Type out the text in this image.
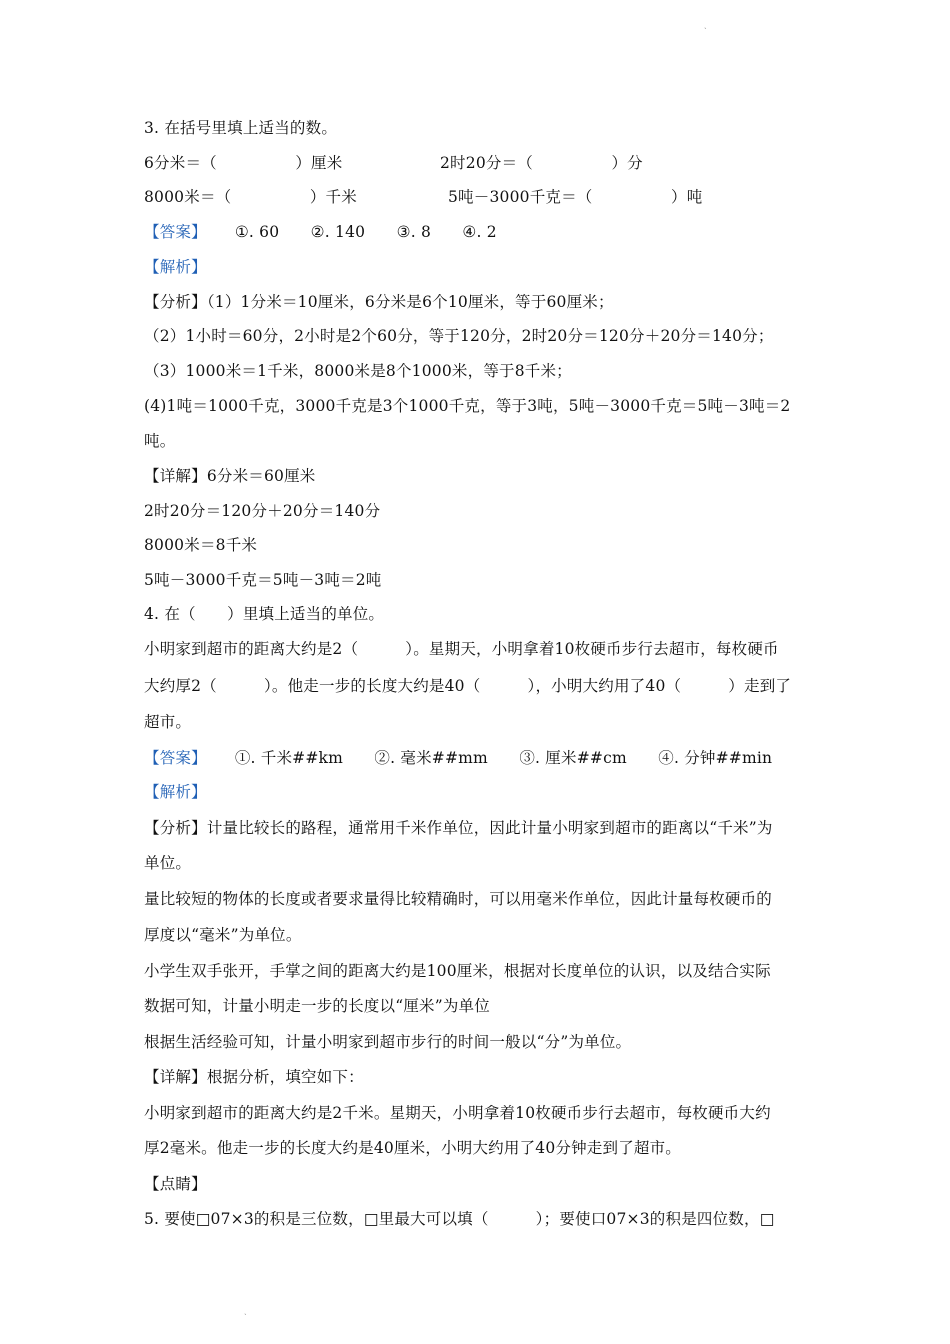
ˎ
3. 在括号里填上适当的数。
6分米＝（　　　　　）厘米	2时20分＝（　　　　　）分
8000米＝（　　　　　）千米	5吨－3000千克＝（　　　　　）吨
【答案】 ①. 60　　②. 140　　③. 8　　④. 2
【解析】
【分析】（1）1分米＝10厘米，6分米是6个10厘米，等于60厘米；
（2）1小时＝60分，2小时是2个60分，等于120分，2时20分＝120分＋20分＝140分；
（3）1000米＝1千米，8000米是8个1000米，等于8千米；
(4)1吨＝1000千克，3000千克是3个1000千克，等于3吨，5吨－3000千克＝5吨－3吨＝2
吨。
【详解】6分米＝60厘米
2时20分＝120分＋20分＝140分
8000米＝8千米
5吨－3000千克＝5吨－3吨＝2吨
4. 在（　　）里填上适当的单位。
小明家到超市的距离大约是2（　　　）。星期天，小明拿着10枚硬币步行去超市，每枚硬币
大约厚2（　　　）。他走一步的长度大约是40（　　　），小明大约用了40（　　　）走到了
超市。
【答案】 ①. 千米##km　　②. 毫米##mm　　③. 厘米##cm　　④. 分钟##min
【解析】
【分析】计量比较长的路程，通常用千米作单位，因此计量小明家到超市的距离以“千米”为
单位。
量比较短的物体的长度或者要求量得比较精确时，可以用毫米作单位，因此计量每枚硬币的
厚度以“毫米”为单位。
小学生双手张开，手掌之间的距离大约是100厘米，根据对长度单位的认识，以及结合实际
数据可知，计量小明走一步的长度以“厘米”为单位
根据生活经验可知，计量小明家到超市步行的时间一般以“分”为单位。
【详解】根据分析，填空如下：
小明家到超市的距离大约是2千米。星期天，小明拿着10枚硬币步行去超市，每枚硬币大约
厚2毫米。他走一步的长度大约是40厘米，小明大约用了40分钟走到了超市。
【点睛】
5. 要使□07×3的积是三位数，□里最大可以填（　　　）；要使口07×3的积是四位数，□
ˎ
